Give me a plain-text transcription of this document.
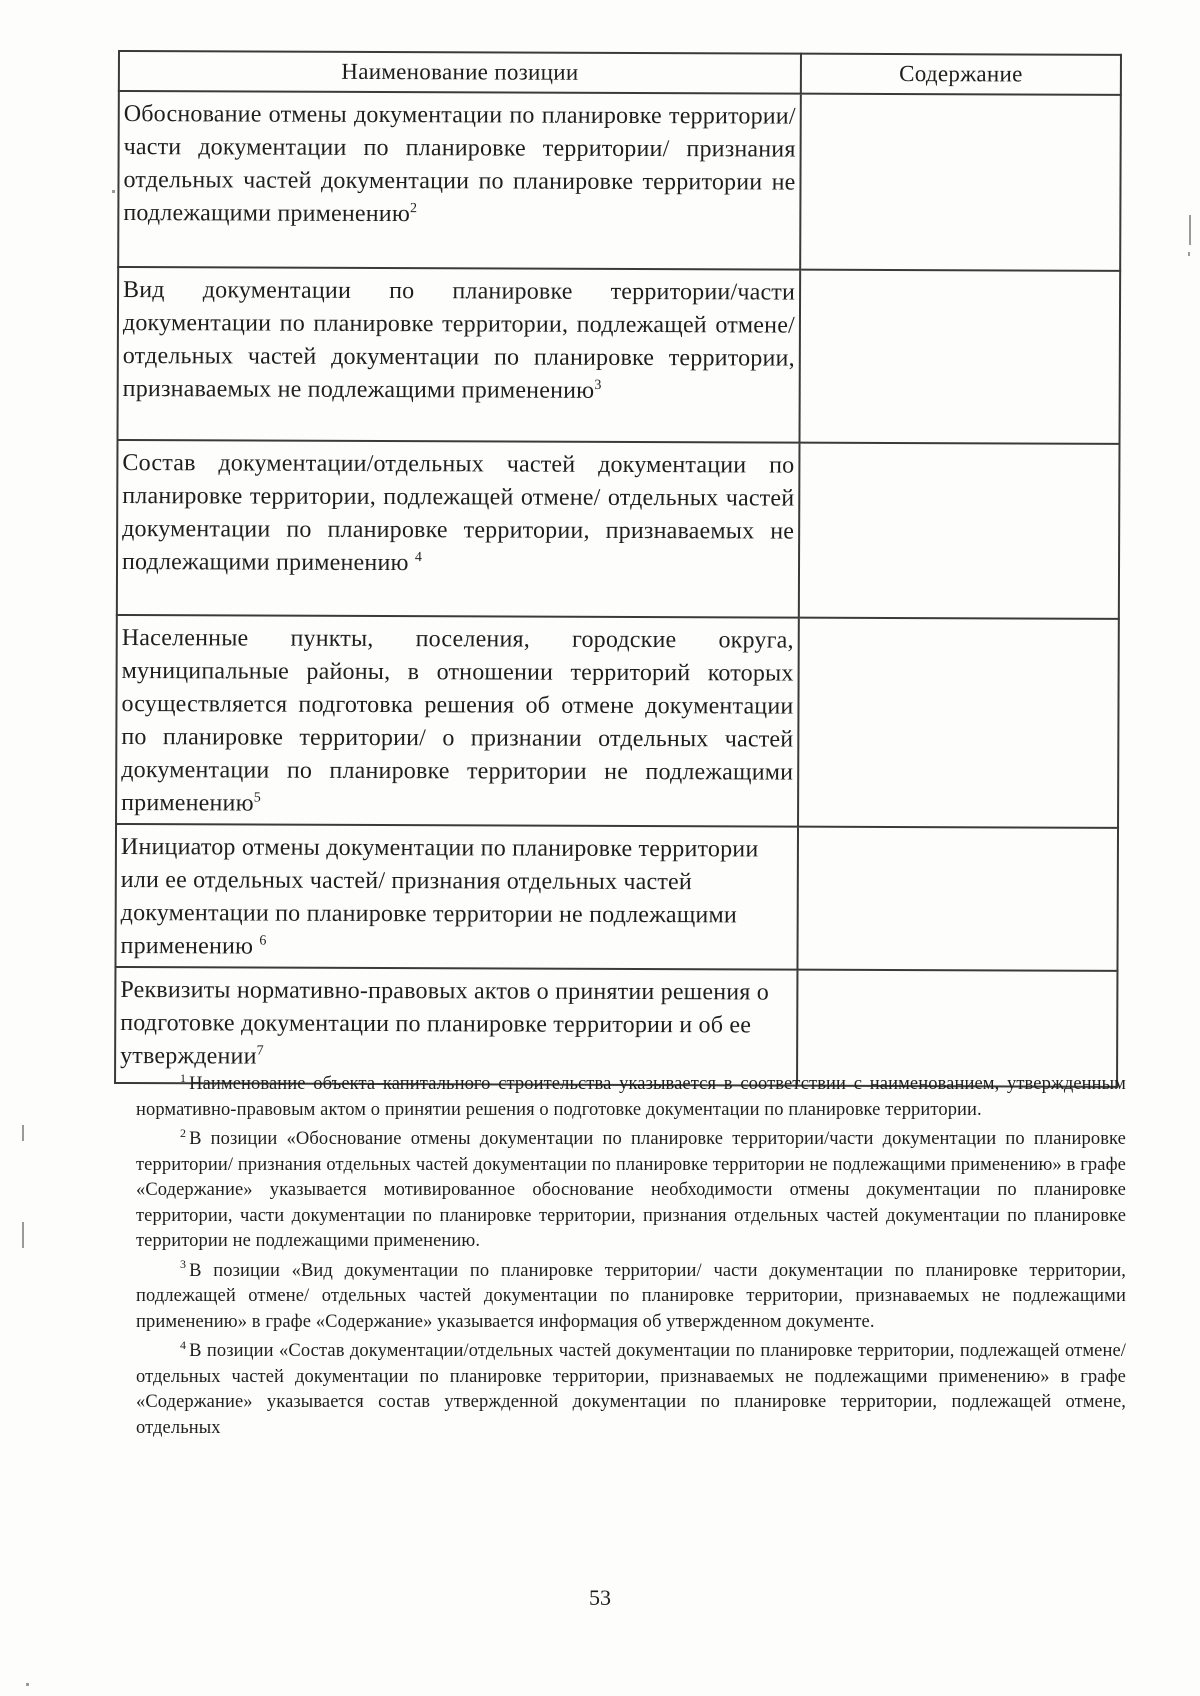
Наименование позиции	Содержание
Обоснование отмены документации по планировке территории/части документации по планировке территории/ признания отдельных частей документации по планировке территории не подлежащими применению$^2$	
Вид документации по планировке территории/части документации по планировке территории, подлежащей отмене/ отдельных частей документации по планировке территории, признаваемых не подлежащими применению$^3$	
Состав документации/отдельных частей документации по планировке территории, подлежащей отмене/ отдельных частей документации по планировке территории, признаваемых не подлежащими применению $^4$	
Населенные пункты, поселения, городские округа, муниципальные районы, в отношении территорий которых осуществляется подготовка решения об отмене документации по планировке территории/ о признании отдельных частей документации по планировке территории не подлежащими применению$^5$	
Инициатор отмены документации по планировке территории или ее отдельных частей/ признания отдельных частей документации по планировке территории не подлежащими применению $^6$	
Реквизиты нормативно-правовых актов о принятии решения о подготовке документации по планировке территории и об ее утверждении$^7$	

$^1$ Наименование объекта капитального строительства указывается в соответствии с наименованием, утвержденным нормативно-правовым актом о принятии решения о подготовке документации по планировке территории.

$^2$ В позиции «Обоснование отмены документации по планировке территории/части документации по планировке территории/ признания отдельных частей документации по планировке территории не подлежащими применению» в графе «Содержание» указывается мотивированное обоснование необходимости отмены документации по планировке территории, части документации по планировке территории, признания отдельных частей документации по планировке территории не подлежащими применению.

$^3$ В позиции «Вид документации по планировке территории/ части документации по планировке территории, подлежащей отмене/ отдельных частей документации по планировке территории, признаваемых не подлежащими применению» в графе «Содержание» указывается информация об утвержденном документе.

$^4$ В позиции «Состав документации/отдельных частей документации по планировке территории, подлежащей отмене/ отдельных частей документации по планировке территории, признаваемых не подлежащими применению» в графе «Содержание» указывается состав утвержденной документации по планировке территории, подлежащей отмене, отдельных

53
